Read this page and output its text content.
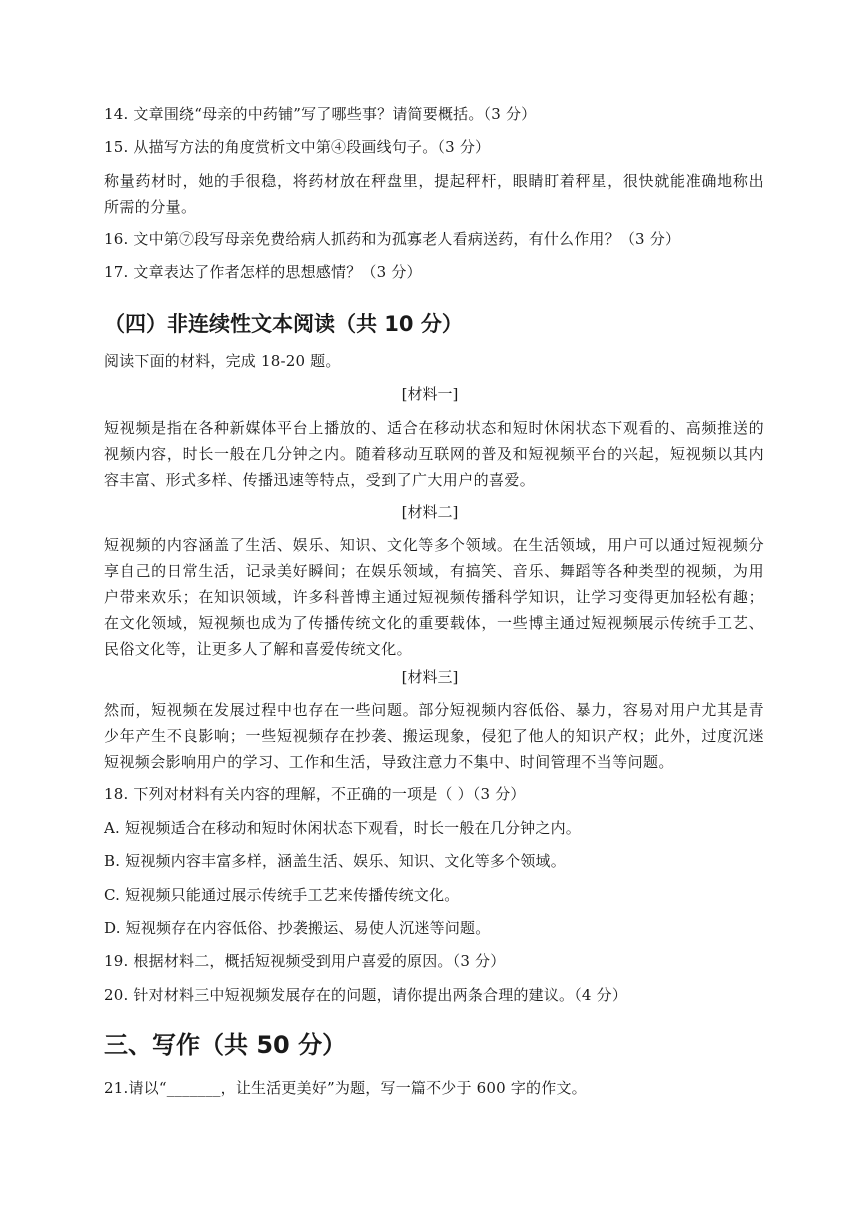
14. 文章围绕“母亲的中药铺”写了哪些事？请简要概括。（3 分）
15. 从描写方法的角度赏析文中第④段画线句子。（3 分）
称量药材时，她的手很稳，将药材放在秤盘里，提起秤杆，眼睛盯着秤星，很快就能准确地称出所需的分量。
16. 文中第⑦段写母亲免费给病人抓药和为孤寡老人看病送药，有什么作用？（3 分）
17. 文章表达了作者怎样的思想感情？（3 分）
（四）非连续性文本阅读（共 10 分）
阅读下面的材料，完成 18-20 题。
[材料一]
短视频是指在各种新媒体平台上播放的、适合在移动状态和短时休闲状态下观看的、高频推送的视频内容，时长一般在几分钟之内。随着移动互联网的普及和短视频平台的兴起，短视频以其内容丰富、形式多样、传播迅速等特点，受到了广大用户的喜爱。
[材料二]
短视频的内容涵盖了生活、娱乐、知识、文化等多个领域。在生活领域，用户可以通过短视频分享自己的日常生活，记录美好瞬间；在娱乐领域，有搞笑、音乐、舞蹈等各种类型的视频，为用户带来欢乐；在知识领域，许多科普博主通过短视频传播科学知识，让学习变得更加轻松有趣；在文化领域，短视频也成为了传播传统文化的重要载体，一些博主通过短视频展示传统手工艺、民俗文化等，让更多人了解和喜爱传统文化。
[材料三]
然而，短视频在发展过程中也存在一些问题。部分短视频内容低俗、暴力，容易对用户尤其是青少年产生不良影响；一些短视频存在抄袭、搬运现象，侵犯了他人的知识产权；此外，过度沉迷短视频会影响用户的学习、工作和生活，导致注意力不集中、时间管理不当等问题。
18. 下列对材料有关内容的理解，不正确的一项是（ ）（3 分）
A. 短视频适合在移动和短时休闲状态下观看，时长一般在几分钟之内。
B. 短视频内容丰富多样，涵盖生活、娱乐、知识、文化等多个领域。
C. 短视频只能通过展示传统手工艺来传播传统文化。
D. 短视频存在内容低俗、抄袭搬运、易使人沉迷等问题。
19. 根据材料二，概括短视频受到用户喜爱的原因。（3 分）
20. 针对材料三中短视频发展存在的问题，请你提出两条合理的建议。（4 分）
三、写作（共 50 分）
21.请以“_______，让生活更美好”为题，写一篇不少于 600 字的作文。
